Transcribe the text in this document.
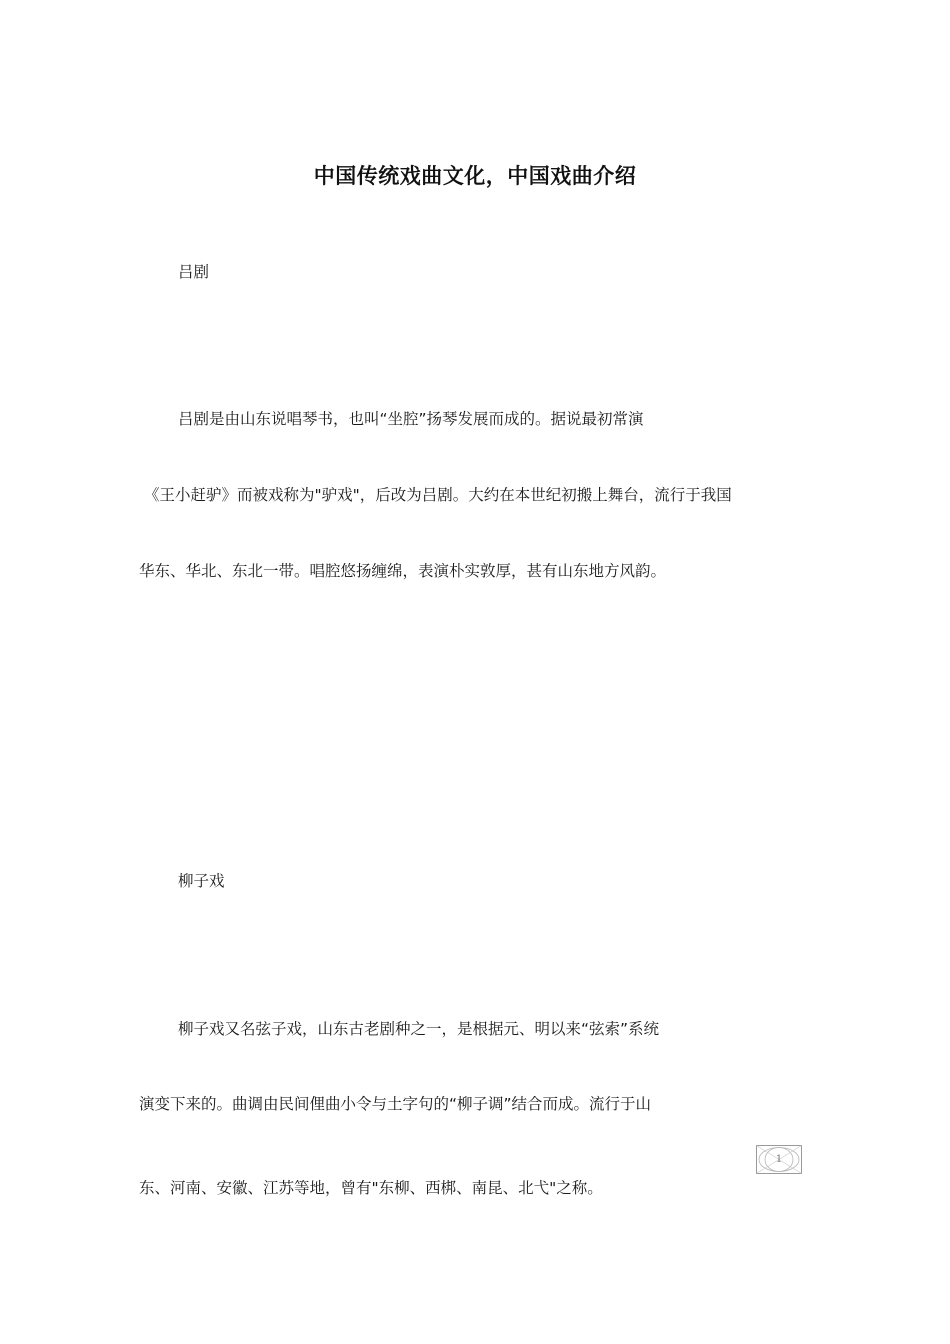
中国传统戏曲文化，中国戏曲介绍
吕剧
吕剧是由山东说唱琴书，也叫“坐腔”扬琴发展而成的。据说最初常演
《王小赶驴》而被戏称为"驴戏"，后改为吕剧。大约在本世纪初搬上舞台，流行于我国
华东、华北、东北一带。唱腔悠扬缠绵，表演朴实敦厚，甚有山东地方风韵。
柳子戏
柳子戏又名弦子戏，山东古老剧种之一，是根据元、明以来“弦索”系统
演变下来的。曲调由民间俚曲小令与土字句的“柳子调”结合而成。流行于山
东、河南、安徽、江苏等地，曾有"东柳、西梆、南昆、北弋"之称。
1
